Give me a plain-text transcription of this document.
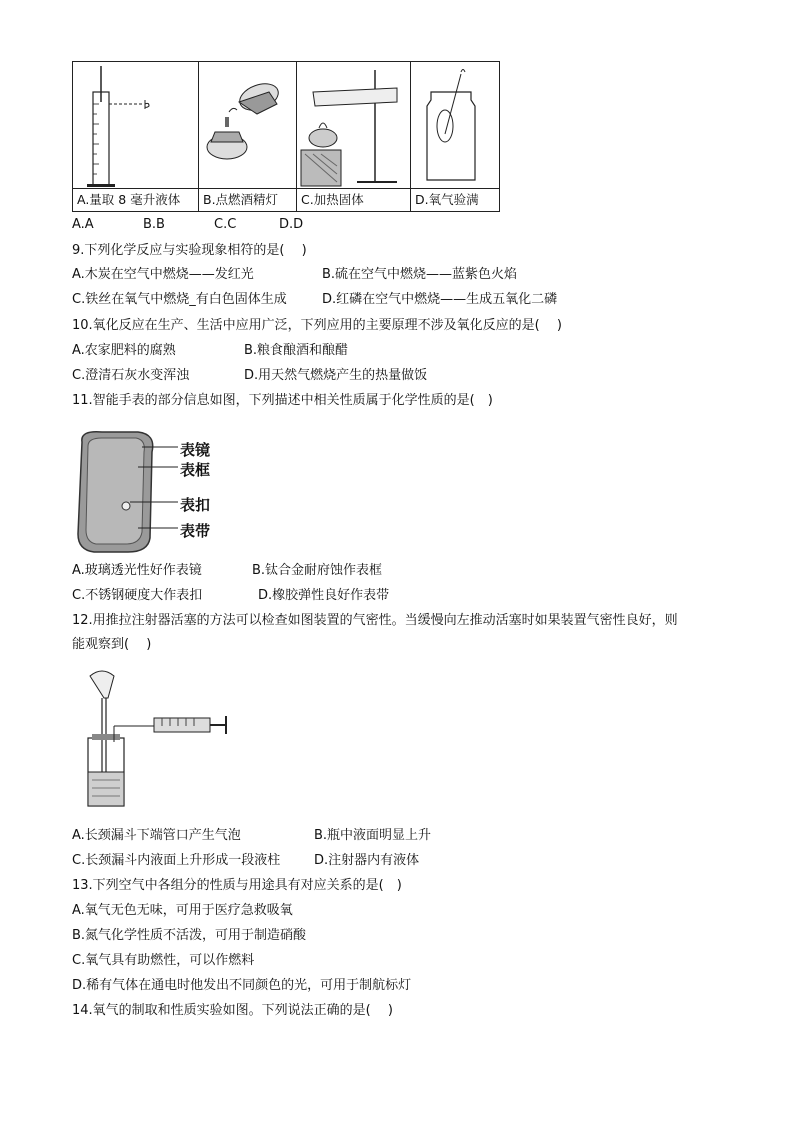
A.量取 8 毫升液体	B.点燃酒精灯	C.加热固体	D.氧气验满
A.A	B.B	C.C	D.D
9.下列化学反应与实验现象相符的是(　 )
A.木炭在空气中燃烧——发红光	B.硫在空气中燃烧——蓝紫色火焰
C.铁丝在氧气中燃烧_有白色固体生成	D.红磷在空气中燃烧——生成五氧化二磷
10.氧化反应在生产、生活中应用广泛，下列应用的主要原理不涉及氧化反应的是(　 )
A.农家肥料的腐熟	B.粮食酿酒和酿醋
C.澄清石灰水变浑浊	D.用天然气燃烧产生的热量做饭
11.智能手表的部分信息如图，下列描述中相关性质属于化学性质的是(　)
表镜
表框
表扣
表带
A.玻璃透光性好作表镜	B.钛合金耐府蚀作表框
C.不锈钢硬度大作表扣	D.橡胶弹性良好作表带
12.用推拉注射器活塞的方法可以检查如图装置的气密性。当缓慢向左推动活塞时如果装置气密性良好，则
能观察到(　 )
A.长颈漏斗下端管口产生气泡	B.瓶中液面明显上升
C.长颈漏斗内液面上升形成一段液柱	D.注射器内有液体
13.下列空气中各组分的性质与用途具有对应关系的是(　)
A.氧气无色无味，可用于医疗急救吸氧
B.氮气化学性质不活泼，可用于制造硝酸
C.氧气具有助燃性，可以作燃料
D.稀有气体在通电时他发出不同颜色的光，可用于制航标灯
14.氧气的制取和性质实验如图。下列说法正确的是(　 )
